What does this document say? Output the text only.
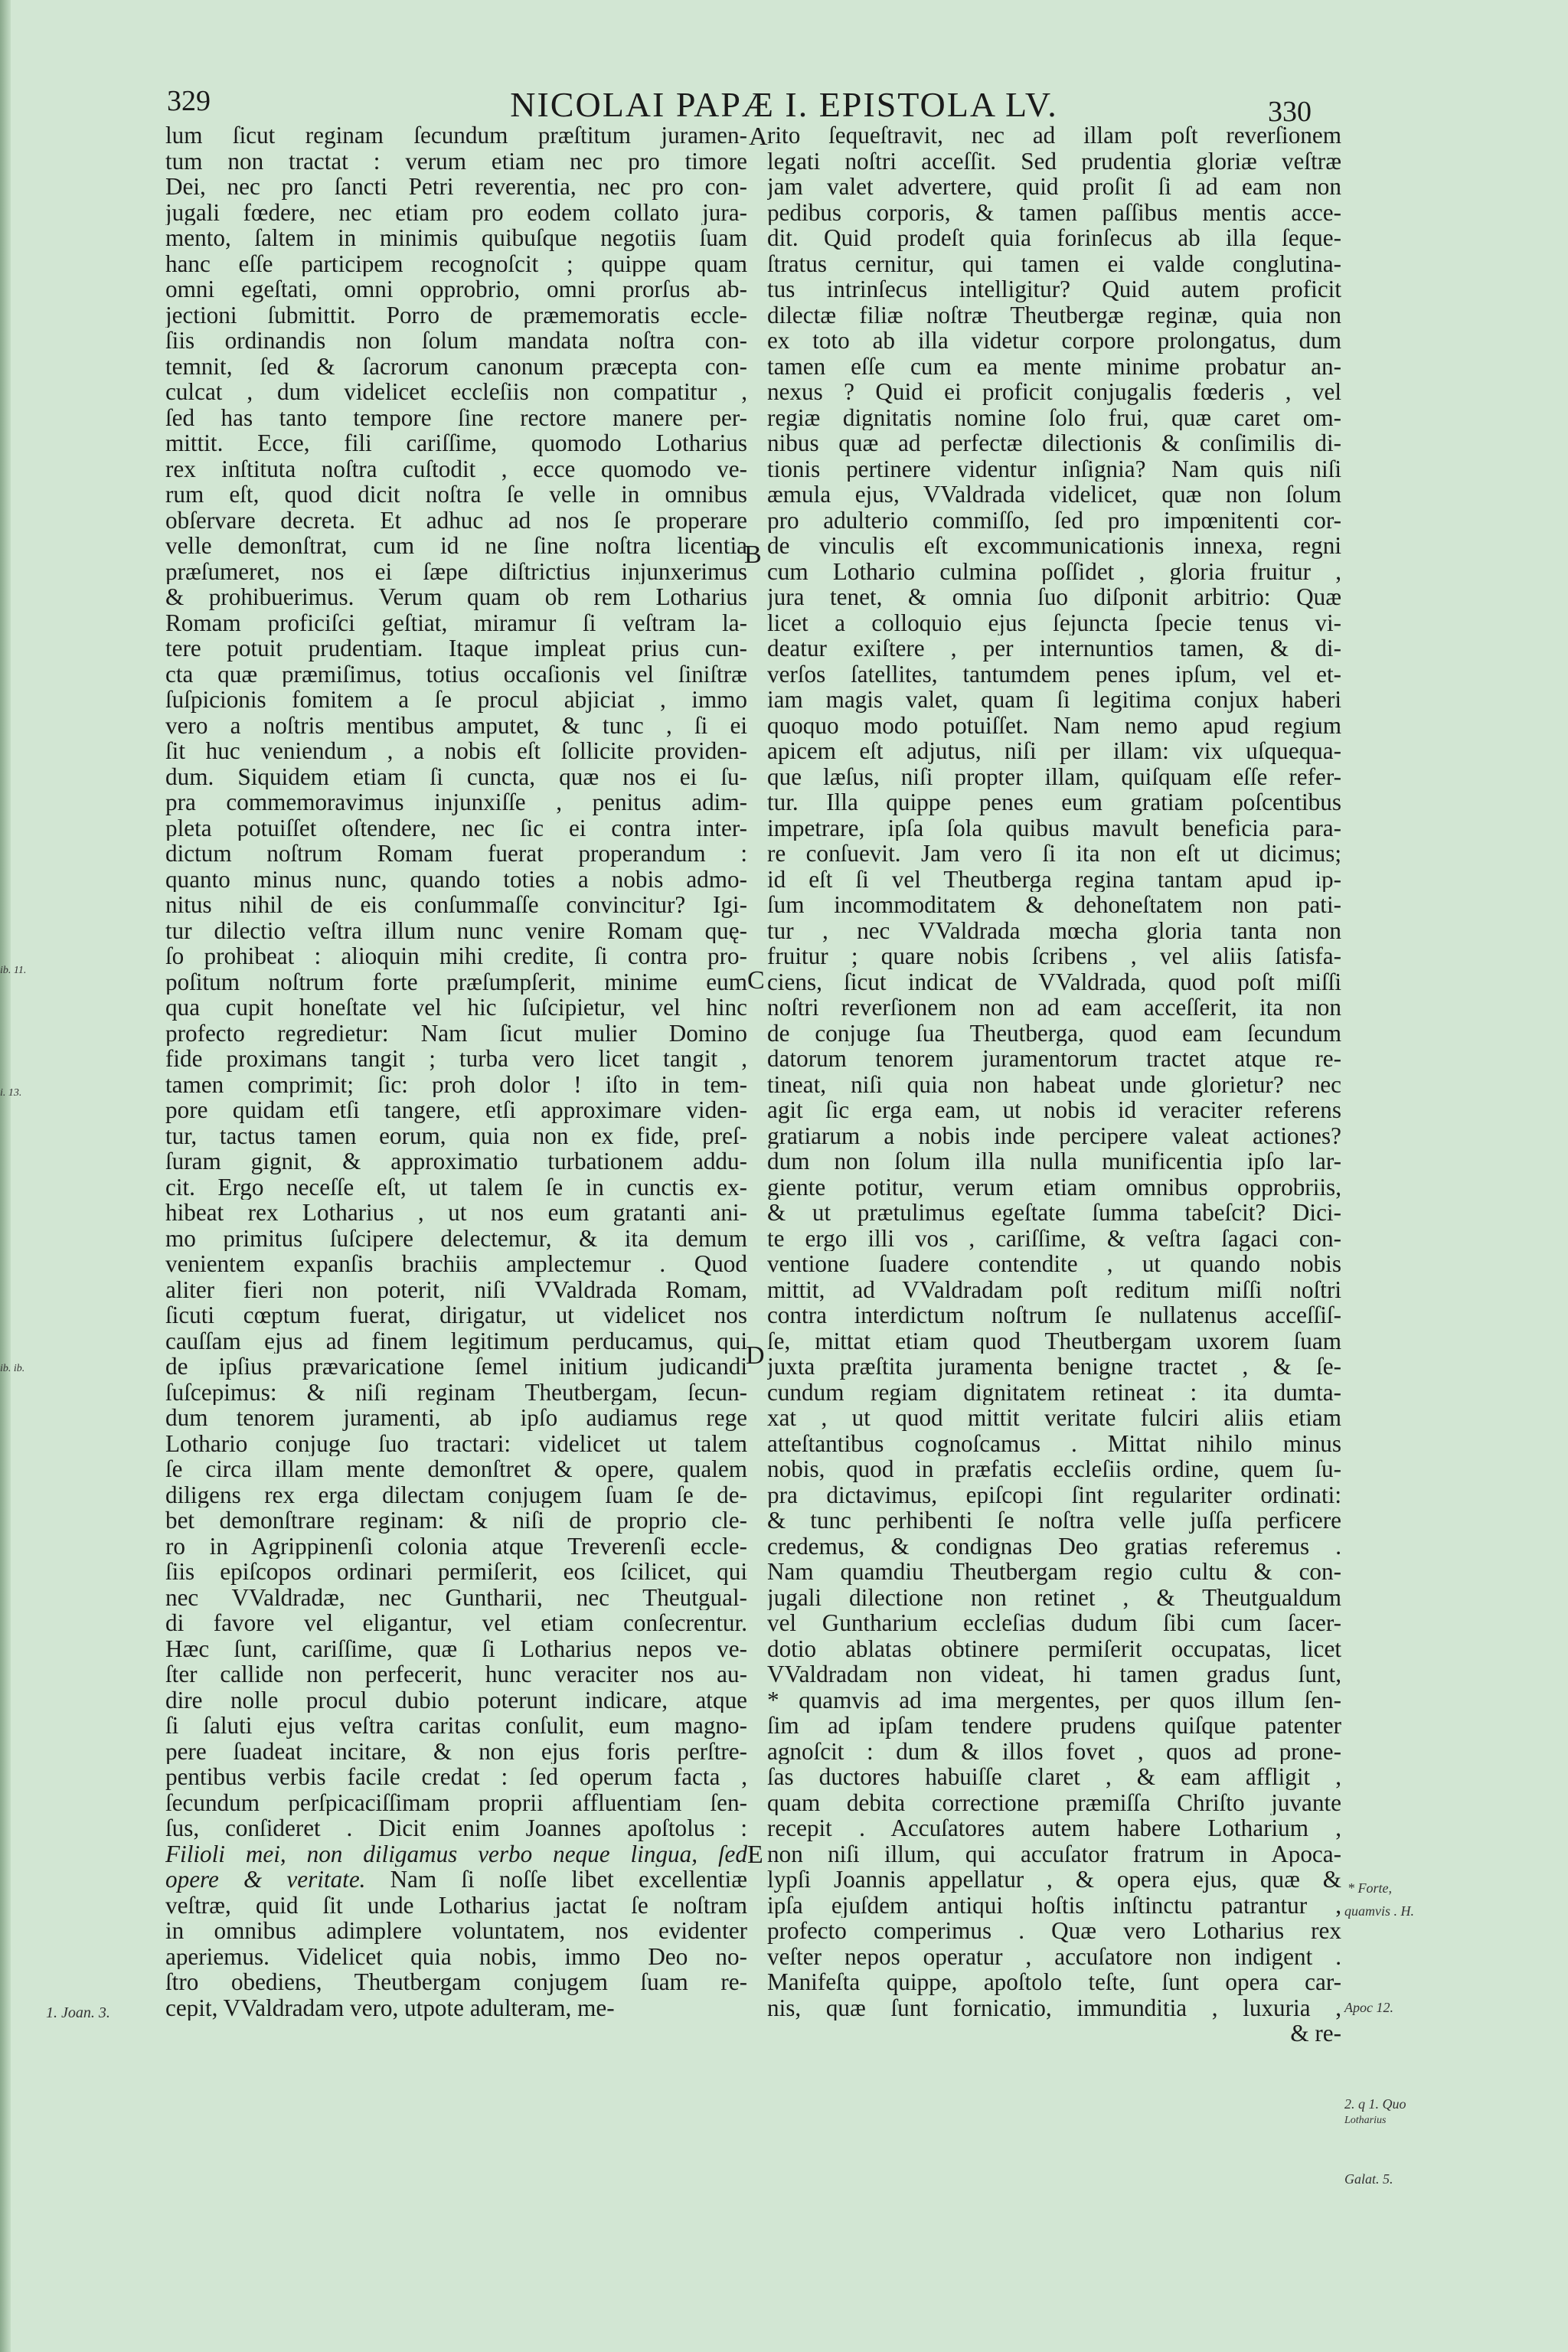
329	NICOLAI PAPÆ I. EPISTOLA LV.	330
lum ſicut reginam ſecundum præſtitum juramen-
tum non tractat : verum etiam nec pro timore
Dei, nec pro ſancti Petri reverentia, nec pro con-
jugali fœdere, nec etiam pro eodem collato jura-
mento, ſaltem in minimis quibuſque negotiis ſuam
hanc eſſe participem recognoſcit ; quippe quam
omni egeſtati, omni opprobrio, omni prorſus ab-
jectioni ſubmittit. Porro de præmemoratis eccle-
ſiis ordinandis non ſolum mandata noſtra con-
temnit, ſed & ſacrorum canonum præcepta con-
culcat , dum videlicet eccleſiis non compatitur ,
ſed has tanto tempore ſine rectore manere per-
mittit. Ecce, fili cariſſime, quomodo Lotharius
rex inſtituta noſtra cuſtodit , ecce quomodo ve-
rum eſt, quod dicit noſtra ſe velle in omnibus
obſervare decreta. Et adhuc ad nos ſe properare
velle demonſtrat, cum id ne ſine noſtra licentia
præſumeret, nos ei ſæpe diſtrictius injunxerimus
& prohibuerimus. Verum quam ob rem Lotharius
Romam proficiſci geſtiat, miramur ſi veſtram la-
tere potuit prudentiam. Itaque impleat prius cun-
cta quæ præmiſimus, totius occaſionis vel ſiniſtræ
ſuſpicionis fomitem a ſe procul abjiciat , immo
vero a noſtris mentibus amputet, & tunc , ſi ei
ſit huc veniendum , a nobis eſt ſollicite providen-
dum. Siquidem etiam ſi cuncta, quæ nos ei ſu-
pra commemoravimus injunxiſſe , penitus adim-
pleta potuiſſet oſtendere, nec ſic ei contra inter-
dictum noſtrum Romam fuerat properandum :
quanto minus nunc, quando toties a nobis admo-
nitus nihil de eis conſummaſſe convincitur? Igi-
tur dilectio veſtra illum nunc venire Romam quę-
ſo prohibeat : alioquin mihi credite, ſi contra pro-
poſitum noſtrum forte præſumpſerit, minime eum
qua cupit honeſtate vel hic ſuſcipietur, vel hinc
profecto regredietur: Nam ſicut mulier Domino
fide proximans tangit ; turba vero licet tangit ,
tamen comprimit; ſic: proh dolor ! iſto in tem-
pore quidam etſi tangere, etſi approximare viden-
tur, tactus tamen eorum, quia non ex fide, preſ-
ſuram gignit, & approximatio turbationem addu-
cit. Ergo neceſſe eſt, ut talem ſe in cunctis ex-
hibeat rex Lotharius , ut nos eum gratanti ani-
mo primitus ſuſcipere delectemur, & ita demum
venientem expanſis brachiis amplectemur . Quod
aliter fieri non poterit, niſi VValdrada Romam,
ſicuti cœptum fuerat, dirigatur, ut videlicet nos
cauſſam ejus ad finem legitimum perducamus, qui
de ipſius prævaricatione ſemel initium judicandi
ſuſcepimus: & niſi reginam Theutbergam, ſecun-
dum tenorem juramenti, ab ipſo audiamus rege
Lothario conjuge ſuo tractari: videlicet ut talem
ſe circa illam mente demonſtret & opere, qualem
diligens rex erga dilectam conjugem ſuam ſe de-
bet demonſtrare reginam: & niſi de proprio cle-
ro in Agrippinenſi colonia atque Treverenſi eccle-
ſiis epiſcopos ordinari permiſerit, eos ſcilicet, qui
nec VValdradæ, nec Guntharii, nec Theutgual-
di favore vel eligantur, vel etiam conſecrentur.
Hæc ſunt, cariſſime, quæ ſi Lotharius nepos ve-
ſter callide non perfecerit, hunc veraciter nos au-
dire nolle procul dubio poterunt indicare, atque
ſi ſaluti ejus veſtra caritas conſulit, eum magno-
pere ſuadeat incitare, & non ejus foris perſtre-
pentibus verbis facile credat : ſed operum facta ,
ſecundum perſpicaciſſimam proprii affluentiam ſen-
ſus, conſideret . Dicit enim Joannes apoſtolus :
Filioli mei, non diligamus verbo neque lingua, ſed
opere & veritate. Nam ſi noſſe libet excellentiæ
veſtræ, quid ſit unde Lotharius jactat ſe noſtram
in omnibus adimplere voluntatem, nos evidenter
aperiemus. Videlicet quia nobis, immo Deo no-
ſtro obediens, Theutbergam conjugem ſuam re-
cepit, VValdradam vero, utpote adulteram, me-
rito ſequeſtravit, nec ad illam poſt reverſionem
legati noſtri acceſſit. Sed prudentia gloriæ veſtræ
jam valet advertere, quid proſit ſi ad eam non
pedibus corporis, & tamen paſſibus mentis acce-
dit. Quid prodeſt quia forinſecus ab illa ſeque-
ſtratus cernitur, qui tamen ei valde conglutina-
tus intrinſecus intelligitur? Quid autem proficit
dilectæ filiæ noſtræ Theutbergæ reginæ, quia non
ex toto ab illa videtur corpore prolongatus, dum
tamen eſſe cum ea mente minime probatur an-
nexus ? Quid ei proficit conjugalis fœderis , vel
regiæ dignitatis nomine ſolo frui, quæ caret om-
nibus quæ ad perfectæ dilectionis & conſimilis di-
tionis pertinere videntur inſignia? Nam quis niſi
æmula ejus, VValdrada videlicet, quæ non ſolum
pro adulterio commiſſo, ſed pro impœnitenti cor-
de vinculis eſt excommunicationis innexa, regni
cum Lothario culmina poſſidet , gloria fruitur ,
jura tenet, & omnia ſuo diſponit arbitrio: Quæ
licet a colloquio ejus ſejuncta ſpecie tenus vi-
deatur exiſtere , per internuntios tamen, & di-
verſos ſatellites, tantumdem penes ipſum, vel et-
iam magis valet, quam ſi legitima conjux haberi
quoquo modo potuiſſet. Nam nemo apud regium
apicem eſt adjutus, niſi per illam: vix uſquequa-
que læſus, niſi propter illam, quiſquam eſſe refer-
tur. Illa quippe penes eum gratiam poſcentibus
impetrare, ipſa ſola quibus mavult beneficia para-
re conſuevit. Jam vero ſi ita non eſt ut dicimus;
id eſt ſi vel Theutberga regina tantam apud ip-
ſum incommoditatem & dehoneſtatem non pati-
tur , nec VValdrada mœcha gloria tanta non
fruitur ; quare nobis ſcribens , vel aliis ſatisfa-
ciens, ſicut indicat de VValdrada, quod poſt miſſi
noſtri reverſionem non ad eam acceſſerit, ita non
de conjuge ſua Theutberga, quod eam ſecundum
datorum tenorem juramentorum tractet atque re-
tineat, niſi quia non habeat unde glorietur? nec
agit ſic erga eam, ut nobis id veraciter referens
gratiarum a nobis inde percipere valeat actiones?
dum non ſolum illa nulla munificentia ipſo lar-
giente potitur, verum etiam omnibus opprobriis,
& ut prætulimus egeſtate ſumma tabeſcit? Dici-
te ergo illi vos , cariſſime, & veſtra ſagaci con-
ventione ſuadere contendite , ut quando nobis
mittit, ad VValdradam poſt reditum miſſi noſtri
contra interdictum noſtrum ſe nullatenus acceſſiſ-
ſe, mittat etiam quod Theutbergam uxorem ſuam
juxta præſtita juramenta benigne tractet , & ſe-
cundum regiam dignitatem retineat : ita dumta-
xat , ut quod mittit veritate fulciri aliis etiam
atteſtantibus cognoſcamus . Mittat nihilo minus
nobis, quod in præfatis eccleſiis ordine, quem ſu-
pra dictavimus, epiſcopi ſint regulariter ordinati:
& tunc perhibenti ſe noſtra velle juſſa perficere
credemus, & condignas Deo gratias referemus .
Nam quamdiu Theutbergam regio cultu & con-
jugali dilectione non retinet , & Theutgualdum
vel Guntharium eccleſias dudum ſibi cum ſacer-
dotio ablatas obtinere permiſerit occupatas, licet
VValdradam non videat, hi tamen gradus ſunt,
* quamvis ad ima mergentes, per quos illum ſen-
ſim ad ipſam tendere prudens quiſque patenter
agnoſcit : dum & illos fovet , quos ad prone-
ſas ductores habuiſſe claret , & eam affligit ,
quam debita correctione præmiſſa Chriſto juvante
recepit . Accuſatores autem habere Lotharium ,
non niſi illum, qui accuſator fratrum in Apoca-
lypſi Joannis appellatur , & opera ejus, quæ &
ipſa ejuſdem antiqui hoſtis inſtinctu patrantur ,
profecto comperimus . Quæ vero Lotharius rex
veſter nepos operatur , accuſatore non indigent .
Manifeſta quippe, apoſtolo teſte, ſunt opera car-
nis, quæ ſunt fornicatio, immunditia , luxuria ,
& re-
A
B
C
D
E
1. Joan. 3.
ib. 11.
i. 13.
ib. ib.
* Forte,
quamvis . H.
Apoc 12.
2. q 1. Quo
Lotharius
Galat. 5.
